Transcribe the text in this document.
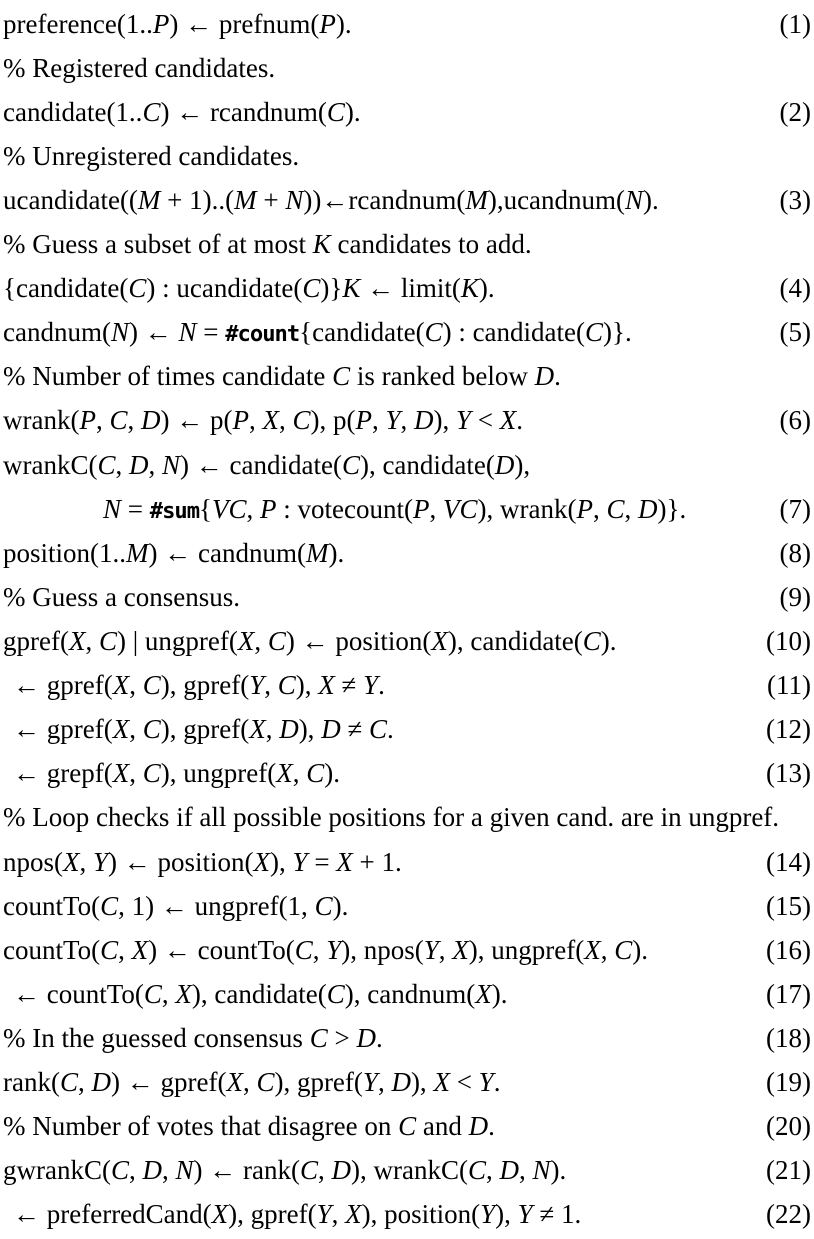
preference(1..P) ← prefnum(P).	(1)
% Registered candidates.
candidate(1..C) ← rcandnum(C).	(2)
% Unregistered candidates.
ucandidate((M + 1)..(M + N))←rcandnum(M),ucandnum(N).	(3)
% Guess a subset of at most K candidates to add.
{candidate(C) : ucandidate(C)}K ← limit(K).	(4)
candnum(N) ← N = #count{candidate(C) : candidate(C)}.	(5)
% Number of times candidate C is ranked below D.
wrank(P, C, D) ← p(P, X, C), p(P, Y, D), Y < X.	(6)
wrankC(C, D, N) ← candidate(C), candidate(D),
N = #sum{VC, P : votecount(P, VC), wrank(P, C, D)}.	(7)
position(1..M) ← candnum(M).	(8)
% Guess a consensus.	(9)
gpref(X, C) | ungpref(X, C) ← position(X), candidate(C).	(10)
← gpref(X, C), gpref(Y, C), X ≠ Y.	(11)
← gpref(X, C), gpref(X, D), D ≠ C.	(12)
← grepf(X, C), ungpref(X, C).	(13)
% Loop checks if all possible positions for a given cand. are in ungpref.
npos(X, Y) ← position(X), Y = X + 1.	(14)
countTo(C, 1) ← ungpref(1, C).	(15)
countTo(C, X) ← countTo(C, Y), npos(Y, X), ungpref(X, C).	(16)
← countTo(C, X), candidate(C), candnum(X).	(17)
% In the guessed consensus C > D.	(18)
rank(C, D) ← gpref(X, C), gpref(Y, D), X < Y.	(19)
% Number of votes that disagree on C and D.	(20)
gwrankC(C, D, N) ← rank(C, D), wrankC(C, D, N).	(21)
← preferredCand(X), gpref(Y, X), position(Y), Y ≠ 1.	(22)
